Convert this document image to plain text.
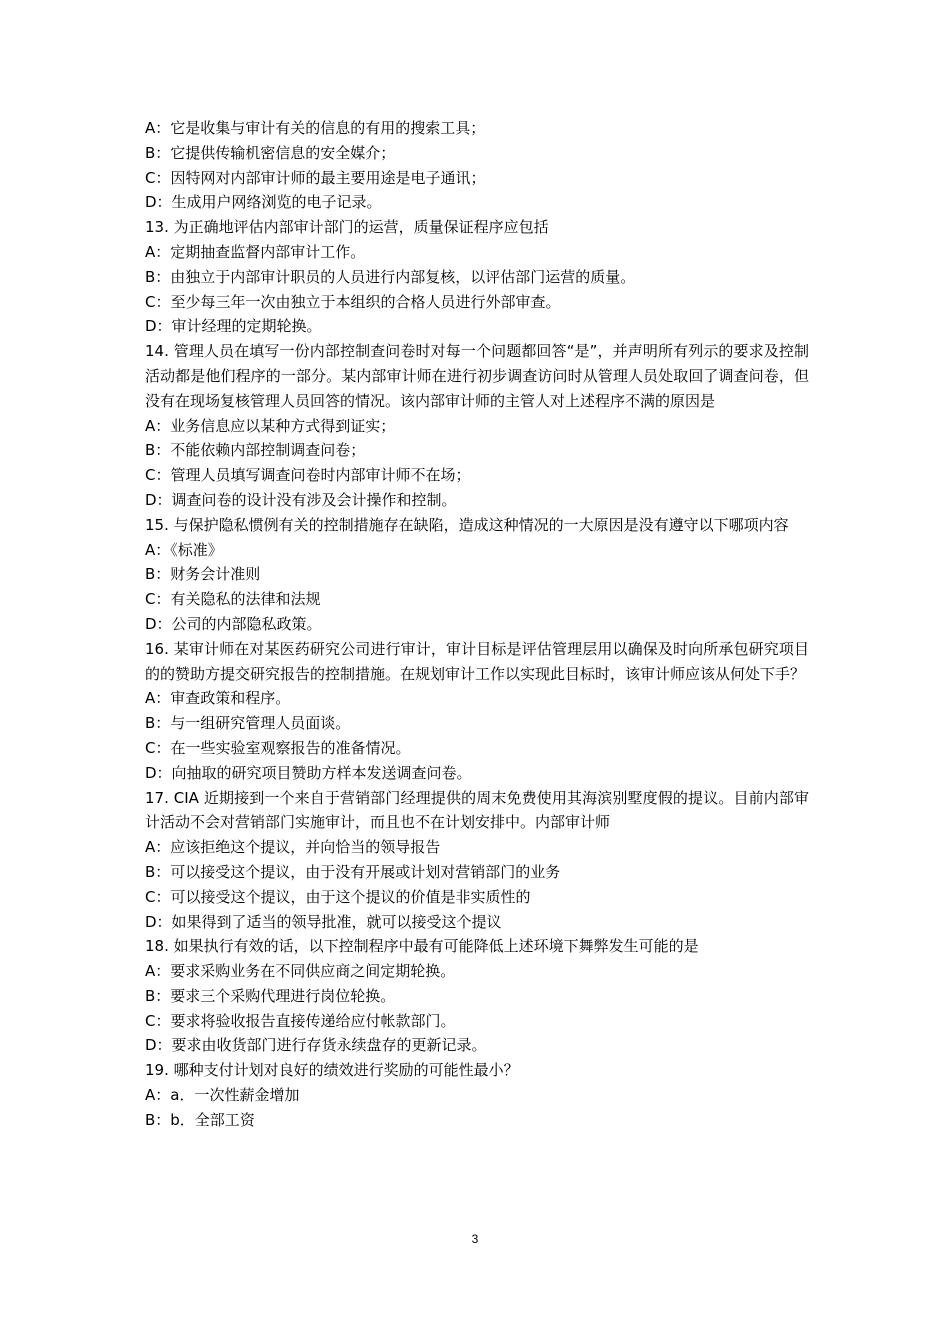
A：它是收集与审计有关的信息的有用的搜索工具；

B：它提供传输机密信息的安全媒介；

C：因特网对内部审计师的最主要用途是电子通讯；

D：生成用户网络浏览的电子记录。

13. 为正确地评估内部审计部门的运营，质量保证程序应包括

A：定期抽查监督内部审计工作。

B：由独立于内部审计职员的人员进行内部复核，以评估部门运营的质量。

C：至少每三年一次由独立于本组织的合格人员进行外部审查。

D：审计经理的定期轮换。

14. 管理人员在填写一份内部控制查问卷时对每一个问题都回答“是”，并声明所有列示的要求及控制活动都是他们程序的一部分。某内部审计师在进行初步调查访问时从管理人员处取回了调查问卷，但没有在现场复核管理人员回答的情况。该内部审计师的主管人对上述程序不满的原因是

A：业务信息应以某种方式得到证实；

B：不能依赖内部控制调查问卷；

C：管理人员填写调查问卷时内部审计师不在场；

D：调查问卷的设计没有涉及会计操作和控制。

15. 与保护隐私惯例有关的控制措施存在缺陷，造成这种情况的一大原因是没有遵守以下哪项内容

A：《标准》

B：财务会计准则

C：有关隐私的法律和法规

D：公司的内部隐私政策。

16. 某审计师在对某医药研究公司进行审计，审计目标是评估管理层用以确保及时向所承包研究项目的的赞助方提交研究报告的控制措施。在规划审计工作以实现此目标时，该审计师应该从何处下手？

A：审查政策和程序。

B：与一组研究管理人员面谈。

C：在一些实验室观察报告的准备情况。

D：向抽取的研究项目赞助方样本发送调查问卷。

17. CIA 近期接到一个来自于营销部门经理提供的周末免费使用其海滨别墅度假的提议。目前内部审计活动不会对营销部门实施审计，而且也不在计划安排中。内部审计师

A：应该拒绝这个提议，并向恰当的领导报告

B：可以接受这个提议，由于没有开展或计划对营销部门的业务

C：可以接受这个提议，由于这个提议的价值是非实质性的

D：如果得到了适当的领导批准，就可以接受这个提议

18. 如果执行有效的话，以下控制程序中最有可能降低上述环境下舞弊发生可能的是

A：要求采购业务在不同供应商之间定期轮换。

B：要求三个采购代理进行岗位轮换。

C：要求将验收报告直接传递给应付帐款部门。

D：要求由收货部门进行存货永续盘存的更新记录。

19. 哪种支付计划对良好的绩效进行奖励的可能性最小？

A：a．一次性薪金增加

B：b．全部工资

3
